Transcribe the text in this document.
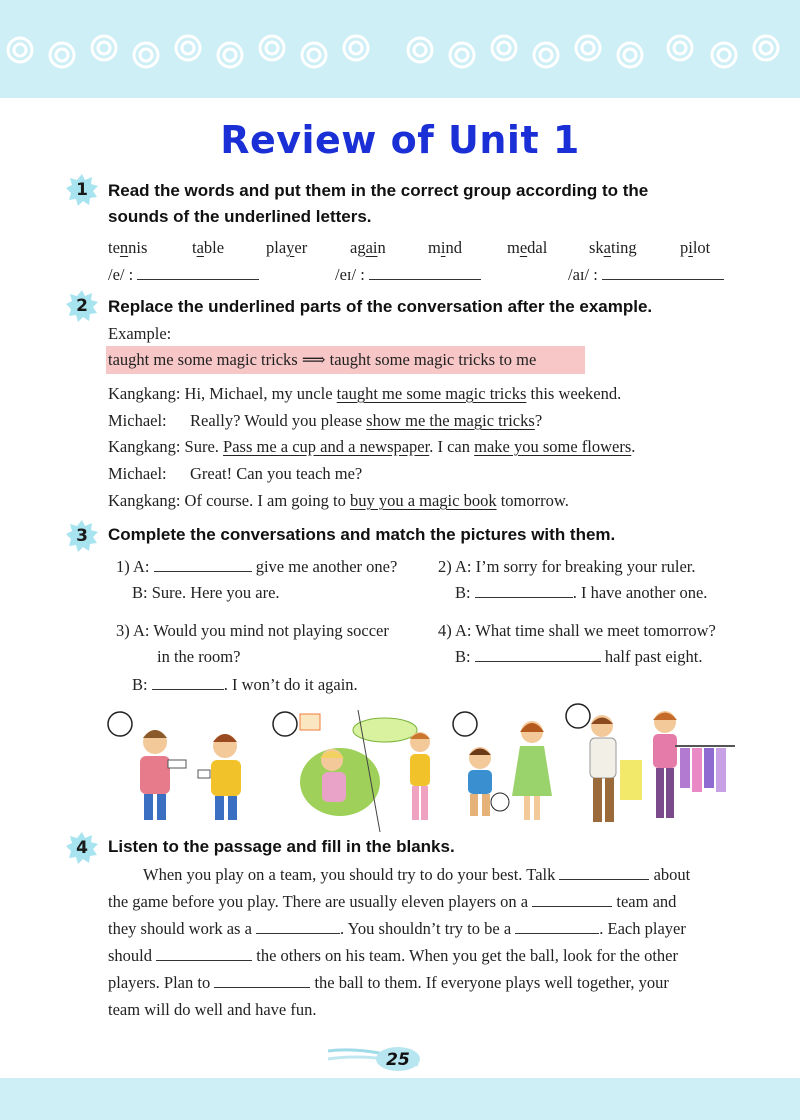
Review of Unit 1
1	Read the words and put them in the correct group according to the
sounds of the underlined letters.
tennis	table	player	again	mind	medal	skating	pilot
/e/ :	/eɪ/ :	/aɪ/ :
2	Replace the underlined parts of the conversation after the example.
Example:
taught me some magic tricks ⟹ taught some magic tricks to me
Kangkang: Hi, Michael, my uncle taught me some magic tricks this weekend.
Michael: Really? Would you please show me the magic tricks?
Kangkang: Sure. Pass me a cup and a newspaper. I can make you some flowers.
Michael: Great! Can you teach me?
Kangkang: Of course. I am going to buy you a magic book tomorrow.
3	Complete the conversations and match the pictures with them.
1) A:	give me another one?
B: Sure. Here you are.
2) A: I’m sorry for breaking your ruler.
B:	. I have another one.
3) A: Would you mind not playing soccer
in the room?
B:	. I won’t do it again.
4) A: What time shall we meet tomorrow?
B:	half past eight.
4	Listen to the passage and fill in the blanks.
When you play on a team, you should try to do your best. Talk	about
the game before you play. There are usually eleven players on a	team and
they should work as a	. You shouldn’t try to be a	. Each player
should	the others on his team. When you get the ball, look for the other
players. Plan to	the ball to them. If everyone plays well together, your
team will do well and have fun.
25
